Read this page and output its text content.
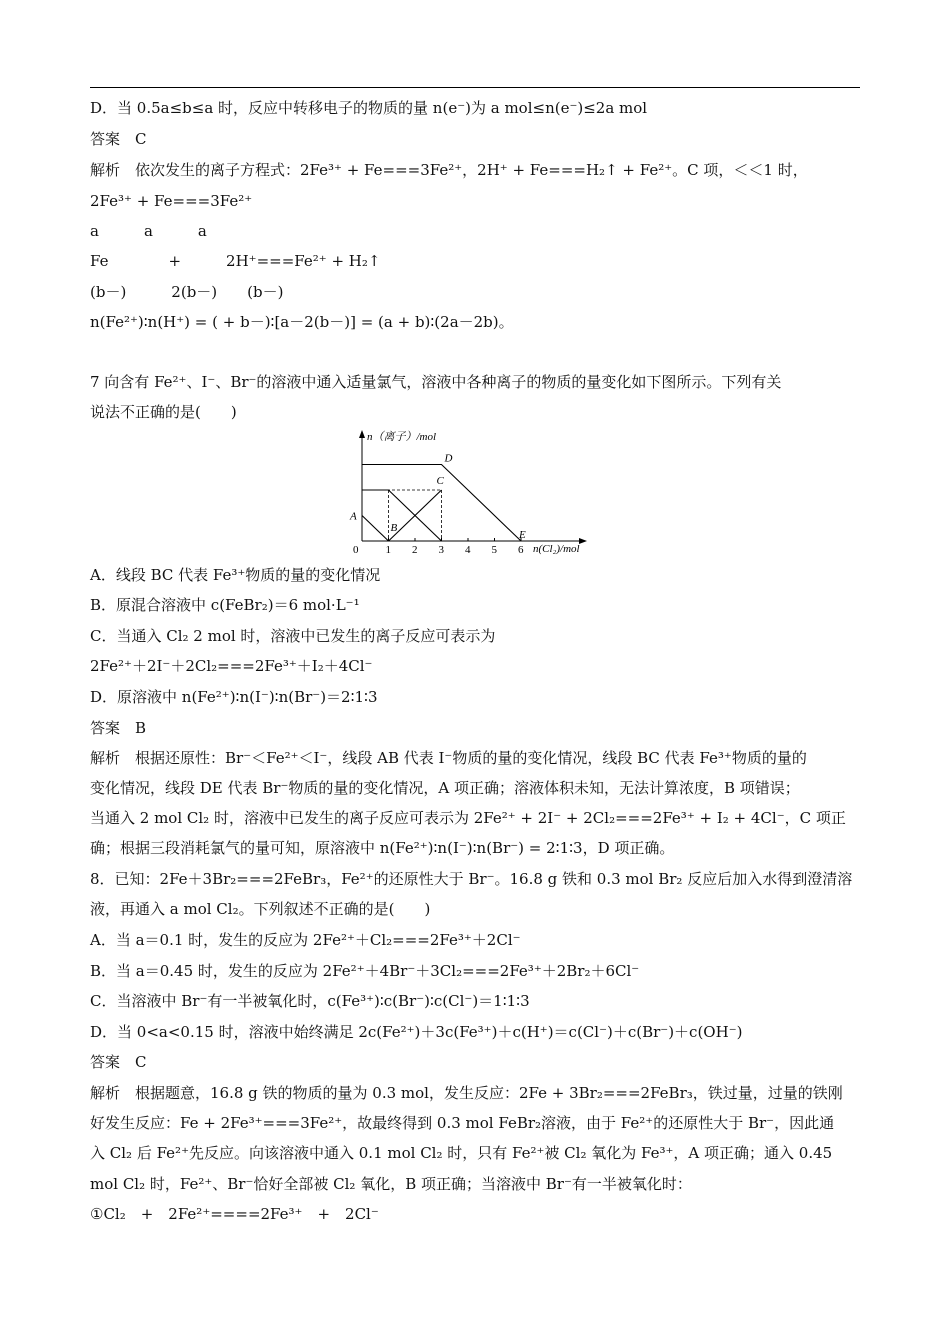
D．当 0.5a≤b≤a 时，反应中转移电子的物质的量 n(e⁻)为 a mol≤n(e⁻)≤2a mol
答案　C
解析　依次发生的离子方程式：2Fe³⁺ + Fe===3Fe²⁺，2H⁺ + Fe===H₂↑ + Fe²⁺。C 项，＜＜1 时，
2Fe³⁺ + Fe===3Fe²⁺
a　　　a　　　a
Fe　　　　+　　　2H⁺===Fe²⁺ + H₂↑
(b－)　　　2(b－)　　(b－)
n(Fe²⁺)∶n(H⁺) = ( + b－)∶[a－2(b－)] = (a + b)∶(2a－2b)。
7 向含有 Fe²⁺、I⁻、Br⁻的溶液中通入适量氯气，溶液中各种离子的物质的量变化如下图所示。下列有关
说法不正确的是(　　)
0 1 2 3 4 5 6
A
B
C
D
E
n（离子）/mol
n(Cl₂)/mol
A．线段 BC 代表 Fe³⁺物质的量的变化情况
B．原混合溶液中 c(FeBr₂)＝6 mol·L⁻¹
C．当通入 Cl₂ 2 mol 时，溶液中已发生的离子反应可表示为
2Fe²⁺＋2I⁻＋2Cl₂===2Fe³⁺＋I₂＋4Cl⁻
D．原溶液中 n(Fe²⁺)∶n(I⁻)∶n(Br⁻)＝2∶1∶3
答案　B
解析　根据还原性：Br⁻＜Fe²⁺＜I⁻，线段 AB 代表 I⁻物质的量的变化情况，线段 BC 代表 Fe³⁺物质的量的
变化情况，线段 DE 代表 Br⁻物质的量的变化情况，A 项正确；溶液体积未知，无法计算浓度，B 项错误；
当通入 2 mol Cl₂ 时，溶液中已发生的离子反应可表示为 2Fe²⁺ + 2I⁻ + 2Cl₂===2Fe³⁺ + I₂ + 4Cl⁻，C 项正
确；根据三段消耗氯气的量可知，原溶液中 n(Fe²⁺)∶n(I⁻)∶n(Br⁻) = 2∶1∶3，D 项正确。
8．已知：2Fe＋3Br₂===2FeBr₃，Fe²⁺的还原性大于 Br⁻。16.8 g 铁和 0.3 mol Br₂ 反应后加入水得到澄清溶
液，再通入 a mol Cl₂。下列叙述不正确的是(　　)
A．当 a＝0.1 时，发生的反应为 2Fe²⁺＋Cl₂===2Fe³⁺＋2Cl⁻
B．当 a＝0.45 时，发生的反应为 2Fe²⁺＋4Br⁻＋3Cl₂===2Fe³⁺＋2Br₂＋6Cl⁻
C．当溶液中 Br⁻有一半被氧化时，c(Fe³⁺)∶c(Br⁻)∶c(Cl⁻)＝1∶1∶3
D．当 0<a<0.15 时，溶液中始终满足 2c(Fe²⁺)＋3c(Fe³⁺)＋c(H⁺)＝c(Cl⁻)＋c(Br⁻)＋c(OH⁻)
答案　C
解析　根据题意，16.8 g 铁的物质的量为 0.3 mol，发生反应：2Fe + 3Br₂===2FeBr₃，铁过量，过量的铁刚
好发生反应：Fe + 2Fe³⁺===3Fe²⁺，故最终得到 0.3 mol FeBr₂溶液，由于 Fe²⁺的还原性大于 Br⁻，因此通
入 Cl₂ 后 Fe²⁺先反应。向该溶液中通入 0.1 mol Cl₂ 时，只有 Fe²⁺被 Cl₂ 氧化为 Fe³⁺，A 项正确；通入 0.45
mol Cl₂ 时，Fe²⁺、Br⁻恰好全部被 Cl₂ 氧化，B 项正确；当溶液中 Br⁻有一半被氧化时：
①Cl₂　+　2Fe²⁺====2Fe³⁺　+　2Cl⁻
